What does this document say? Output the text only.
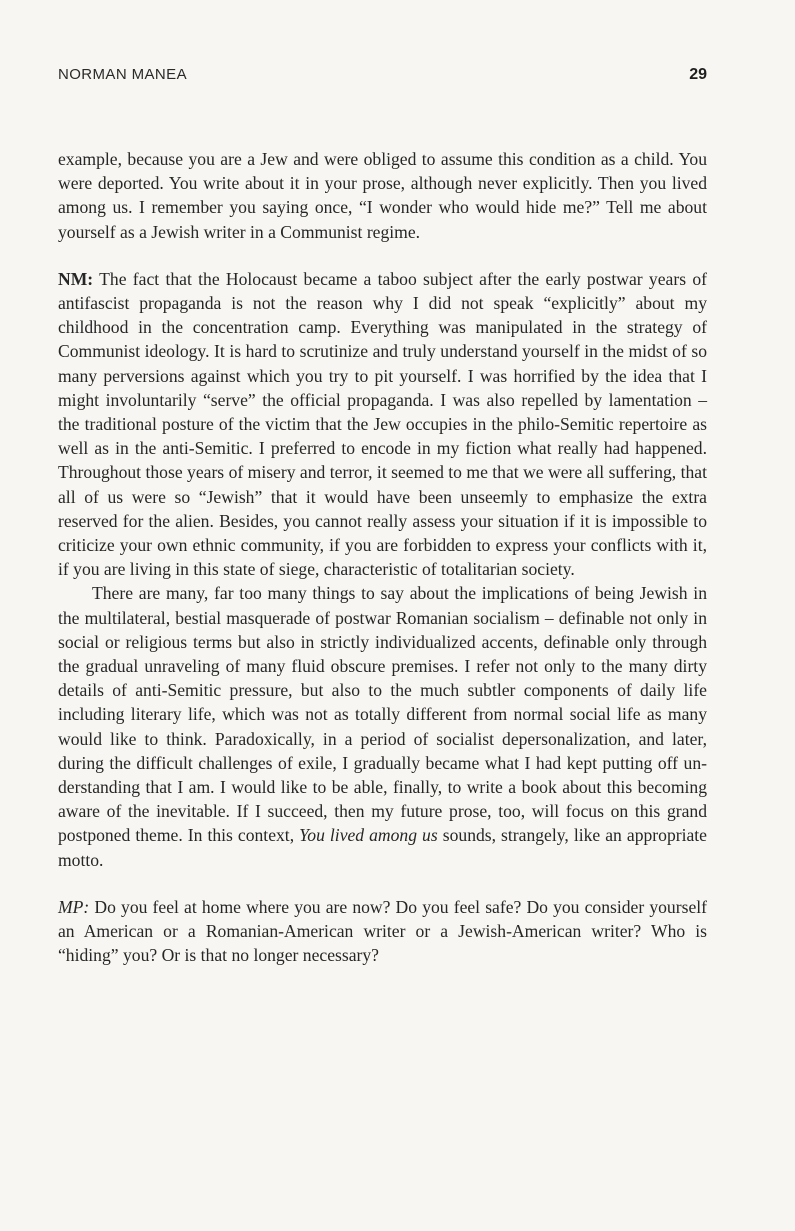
NORMAN MANEA	29

example, because you are a Jew and were obliged to assume this condition as a child. You were deported. You write about it in your prose, although never explicitly. Then you lived among us. I remember you saying once, “I wonder who would hide me?” Tell me about yourself as a Jewish writer in a Communist regime.

NM: The fact that the Holocaust became a taboo subject after the early postwar years of antifascist propaganda is not the reason why I did not speak “explicitly” about my childhood in the concentration camp. Everything was manipulated in the strategy of Communist ideology. It is hard to scrutinize and truly understand yourself in the midst of so many perversions against which you try to pit yourself. I was horrified by the idea that I might involuntarily “serve” the official propaganda. I was also repelled by lamentation – the traditional posture of the victim that the Jew occupies in the philo-Semitic repertoire as well as in the anti-Semitic. I preferred to encode in my fiction what really had happened. Throughout those years of misery and terror, it seemed to me that we were all suffering, that all of us were so “Jewish” that it would have been unseemly to emphasize the extra reserved for the alien. Besides, you cannot really assess your situation if it is impossible to criticize your own ethnic community, if you are forbidden to express your conflicts with it, if you are living in this state of siege, characteristic of totalitarian society.

There are many, far too many things to say about the implications of being Jewish in the multilateral, bestial masquerade of postwar Romanian socialism – definable not only in social or religious terms but also in strictly individualized accents, definable only through the gradual unraveling of many fluid obscure premises. I refer not only to the many dirty details of anti-Semitic pressure, but also to the much subtler components of daily life including literary life, which was not as totally different from normal social life as many would like to think. Paradoxically, in a period of socialist depersonalization, and later, during the difficult challenges of exile, I gradually became what I had kept putting off understanding that I am. I would like to be able, finally, to write a book about this becoming aware of the inevitable. If I succeed, then my future prose, too, will focus on this grand postponed theme. In this context, You lived among us sounds, strangely, like an appropriate motto.

MP: Do you feel at home where you are now? Do you feel safe? Do you consider yourself an American or a Romanian-American writer or a Jewish-American writer? Who is “hiding” you? Or is that no longer necessary?
